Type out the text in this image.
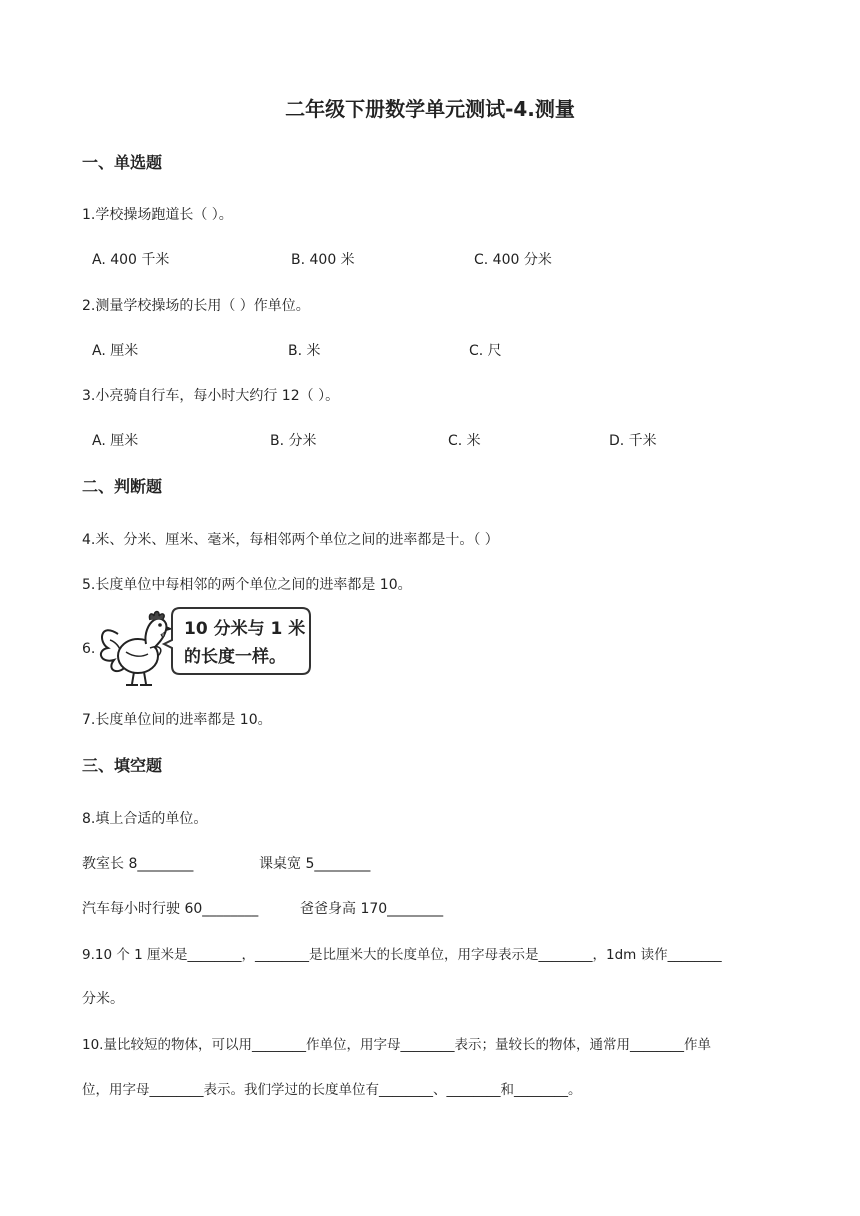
二年级下册数学单元测试-4.测量
一、单选题
1.学校操场跑道长（ ）。
A. 400 千米	B. 400 米	C. 400 分米
2.测量学校操场的长用（ ）作单位。
A. 厘米	B. 米	C. 尺
3.小亮骑自行车，每小时大约行 12（ ）。
A. 厘米	B. 分米	C. 米	D. 千米
二、判断题
4.米、分米、厘米、毫米，每相邻两个单位之间的进率都是十。（ ）
5.长度单位中每相邻的两个单位之间的进率都是 10。
6.
10 分米与 1 米
的长度一样。
7.长度单位间的进率都是 10。
三、填空题
8.填上合适的单位。
教室长 8________	课桌宽 5________
汽车每小时行驶 60________	爸爸身高 170________
9.10 个 1 厘米是________，________是比厘米大的长度单位，用字母表示是________，1dm 读作________
分米。
10.量比较短的物体，可以用________作单位，用字母________表示；量较长的物体，通常用________作单
位，用字母________表示。我们学过的长度单位有________、________和________。
